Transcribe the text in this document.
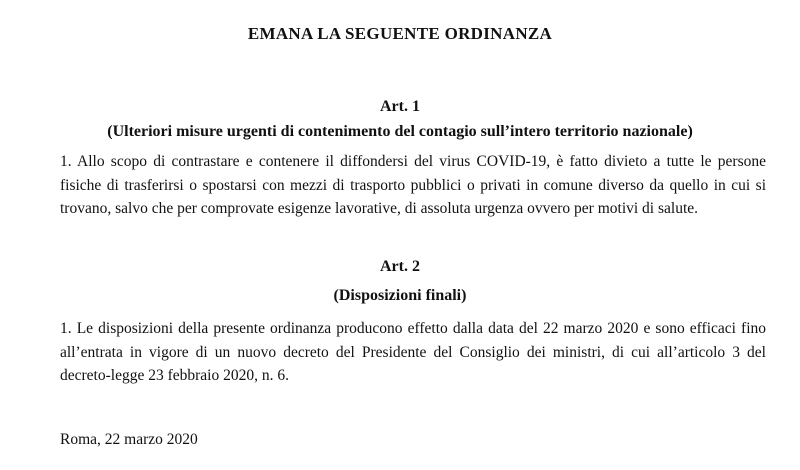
EMANA LA SEGUENTE ORDINANZA
Art. 1
(Ulteriori misure urgenti di contenimento del contagio sull’intero territorio nazionale)
1. Allo scopo di contrastare e contenere il diffondersi del virus COVID-19, è fatto divieto a tutte le persone fisiche di trasferirsi o spostarsi con mezzi di trasporto pubblici o privati in comune diverso da quello in cui si trovano, salvo che per comprovate esigenze lavorative, di assoluta urgenza ovvero per motivi di salute.
Art. 2
(Disposizioni finali)
1. Le disposizioni della presente ordinanza producono effetto dalla data del 22 marzo 2020 e sono efficaci fino all’entrata in vigore di un nuovo decreto del Presidente del Consiglio dei ministri, di cui all’articolo 3 del decreto-legge 23 febbraio 2020, n. 6.
Roma, 22 marzo 2020
